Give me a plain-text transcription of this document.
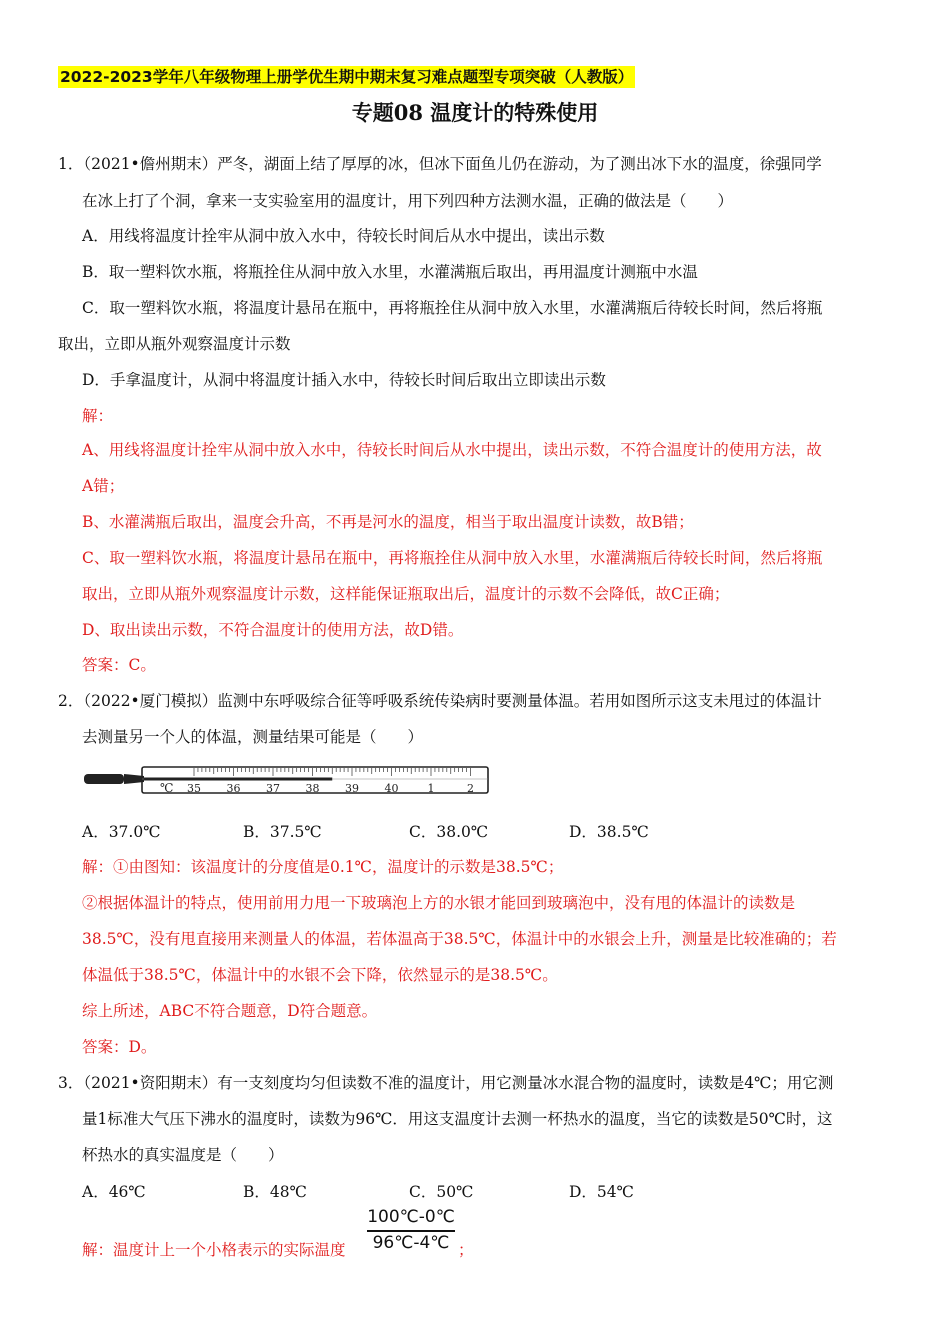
2022-2023学年八年级物理上册学优生期中期末复习难点题型专项突破（人教版）
专题08 温度计的特殊使用
1．（2021•儋州期末）严冬，湖面上结了厚厚的冰，但冰下面鱼儿仍在游动，为了测出冰下水的温度，徐强同学
在冰上打了个洞，拿来一支实验室用的温度计，用下列四种方法测水温，正确的做法是（　　）
A．用线将温度计拴牢从洞中放入水中，待较长时间后从水中提出，读出示数
B．取一塑料饮水瓶，将瓶拴住从洞中放入水里，水灌满瓶后取出，再用温度计测瓶中水温
C．取一塑料饮水瓶，将温度计悬吊在瓶中，再将瓶拴住从洞中放入水里，水灌满瓶后待较长时间，然后将瓶
取出，立即从瓶外观察温度计示数
D．手拿温度计，从洞中将温度计插入水中，待较长时间后取出立即读出示数
解：
A、用线将温度计拴牢从洞中放入水中，待较长时间后从水中提出，读出示数，不符合温度计的使用方法，故
A错；
B、水灌满瓶后取出，温度会升高，不再是河水的温度，相当于取出温度计读数，故B错；
C、取一塑料饮水瓶，将温度计悬吊在瓶中，再将瓶拴住从洞中放入水里，水灌满瓶后待较长时间，然后将瓶
取出，立即从瓶外观察温度计示数，这样能保证瓶取出后，温度计的示数不会降低，故C正确；
D、取出读出示数，不符合温度计的使用方法，故D错。
答案：C。
2．（2022•厦门模拟）监测中东呼吸综合征等呼吸系统传染病时要测量体温。若用如图所示这支未甩过的体温计
去测量另一个人的体温，测量结果可能是（　　）
℃ 35 36 37 38 39 40	1	2
A．37.0℃	B．37.5℃	C．38.0℃	D．38.5℃
解：①由图知：该温度计的分度值是0.1℃，温度计的示数是38.5℃；
②根据体温计的特点，使用前用力甩一下玻璃泡上方的水银才能回到玻璃泡中，没有甩的体温计的读数是
38.5℃，没有甩直接用来测量人的体温，若体温高于38.5℃，体温计中的水银会上升，测量是比较准确的；若
体温低于38.5℃，体温计中的水银不会下降，依然显示的是38.5℃。
综上所述，ABC不符合题意，D符合题意。
答案：D。
3．（2021•资阳期末）有一支刻度均匀但读数不准的温度计，用它测量冰水混合物的温度时，读数是4℃；用它测
量1标准大气压下沸水的温度时，读数为96℃．用这支温度计去测一杯热水的温度，当它的读数是50℃时，这
杯热水的真实温度是（　　）
A．46℃	B．48℃	C．50℃	D．54℃
解：温度计上一个小格表示的实际温度
100℃-0℃
96℃-4℃ ；
